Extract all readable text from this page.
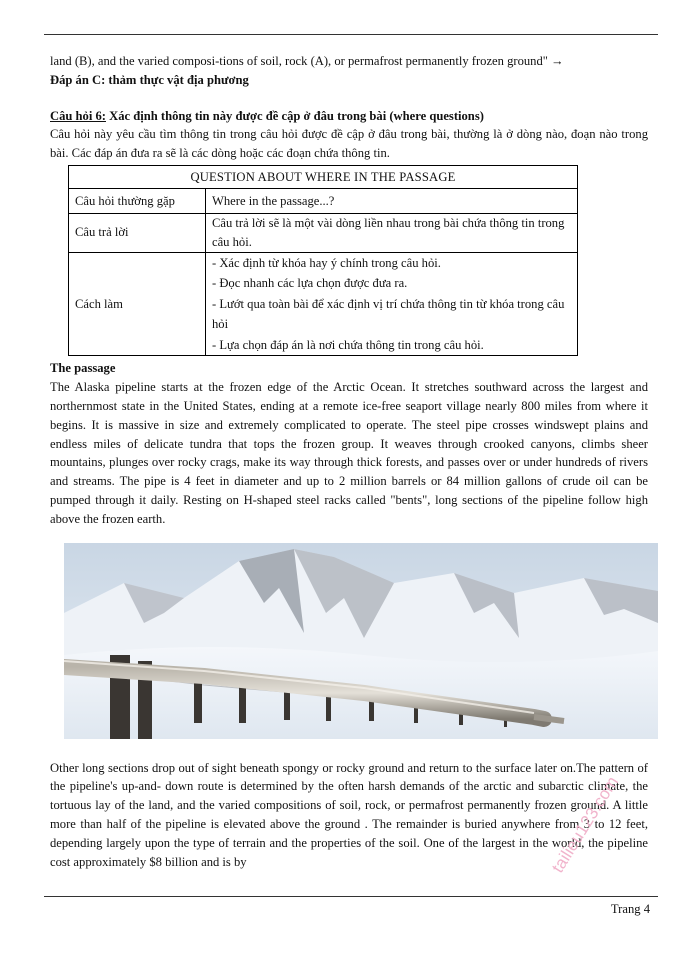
land (B), and the varied composi-tions of soil, rock (A), or permafrost permanently frozen ground" →

Đáp án C: thảm thực vật địa phương

Câu hỏi 6: Xác định thông tin này được đề cập ở đâu trong bài (where questions)

Câu hỏi này yêu cầu tìm thông tin trong câu hỏi được đề cập ở đâu trong bài, thường là ở dòng nào, đoạn nào trong bài. Các đáp án đưa ra sẽ là các dòng hoặc các đoạn chứa thông tin.

QUESTION ABOUT WHERE IN THE PASSAGE	
Câu hỏi thường gặp	Where in the passage...?
Câu trả lời	Câu trả lời sẽ là một vài dòng liền nhau trong bài chứa thông tin trong câu hỏi.
Cách làm	- Xác định từ khóa hay ý chính trong câu hỏi.
- Đọc nhanh các lựa chọn được đưa ra.
- Lướt qua toàn bài để xác định vị trí chứa thông tin từ khóa trong câu hỏi
- Lựa chọn đáp án là nơi chứa thông tin trong câu hỏi.

The passage

The Alaska pipeline starts at the frozen edge of the Arctic Ocean. It stretches southward across the largest and northernmost state in the United States, ending at a remote ice-free seaport village nearly 800 miles from where it begins. It is massive in size and extremely complicated to operate. The steel pipe crosses windswept plains and endless miles of delicate tundra that tops the frozen group. It weaves through crooked canyons, climbs sheer mountains, plunges over rocky crags, make its way through thick forests, and passes over or under hundreds of rivers and streams. The pipe is 4 feet in diameter and up to 2 million barrels or 84 million gallons of crude oil can be pumped through it daily. Resting on H-shaped steel racks called "bents", long sections of the pipeline follow high above the frozen earth.

Other long sections drop out of sight beneath spongy or rocky ground and return to the surface later on.The pattern of the pipeline's up-and- down route is determined by the often harsh demands of the arctic and subarctic climate, the tortuous lay of the land, and the varied compositions of soil, rock, or permafrost permanently frozen ground. A little more than half of the pipeline is elevated above the ground . The remainder is buried anywhere from 3 to 12 feet, depending largely upon the type of terrain and the properties of the soil. One of the largest in the world, the pipeline cost approximately $8 billion and is by

Trang 4
tailieu123.com
